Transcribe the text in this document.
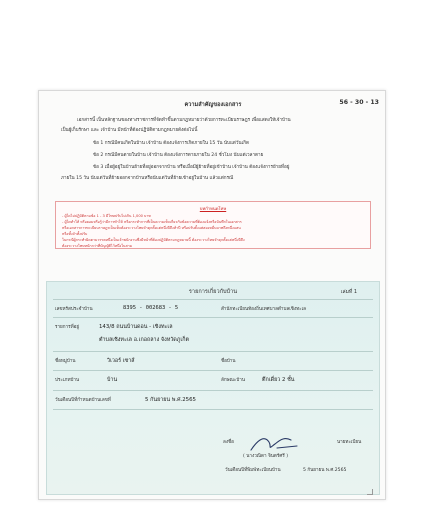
ความสำคัญของเอกสาร	56 - 30 - 13
เอกสารนี้ เป็นหลักฐานของทางราชการที่จัดทำขึ้นตามกฎหมายว่าด้วยการทะเบียนราษฎร เพื่อแสดงให้เจ้าบ้าน
เป็นผู้เก็บรักษา และ เจ้าบ้าน มีหน้าที่ต้องปฏิบัติตามกฎหมายดังต่อไปนี้
ข้อ 1 กรณีมีคนเกิดในบ้าน เจ้าบ้าน ต้องแจ้งการเกิดภายใน 15 วัน นับแต่วันเกิด
ข้อ 2 กรณีมีคนตายในบ้าน เจ้าบ้าน ต้องแจ้งการตายภายใน 24 ชั่วโมง นับแต่เวลาตาย
ข้อ 3 เมื่อผู้อยู่ในบ้านย้ายที่อยู่ออกจากบ้าน หรือเมื่อมีผู้ย้ายที่อยู่เข้าบ้าน เจ้าบ้าน ต้องแจ้งการย้ายที่อยู่
ภายใน 15 วัน นับแต่วันที่ย้ายออกจากบ้านหรือนับแต่วันที่ย้ายเข้าอยู่ในบ้าน แล้วแต่กรณี
บทกำหนดโทษ
- ผู้ใดไม่ปฏิบัติตามข้อ 1 - 3 มีโทษปรับไม่เกิน 1,000 บาท
- ผู้ใดทำให้ หรือยอมหรือรู้ว่ามีการทำให้ หรือกระทำการที่เป็นความเท็จเกี่ยวกับข้อความที่ต้องแจ้งหรือบันทึกในเอกสาร
หรือเอกสารการทะเบียนราษฎรเป็นเท็จต้องระวางโทษจำคุกตั้งแต่หนึ่งปีถึงห้าปี หรือปรับตั้งแต่สองหมื่นบาทถึงหนึ่งแสน
หรือทั้งจำทั้งปรับ
ในกรณีผู้กระทำผิดตามวรรคหนึ่งเป็นเจ้าพนักงานซึ่งมีหน้าที่ต้องปฏิบัติตามกฎหมายนี้ ต้องระวางโทษจำคุกตั้งแต่หนึ่งปีถึง
ต้องระวางโทษหนักกว่าที่บัญญัติไว้หนึ่งในสาม
รายการเกี่ยวกับบ้าน	เล่มที่ 1
เลขหรัสประจำบ้าน	8395 - 002683 - 5	สำนักทะเบียนท้องถิ่นเทศบาลตำบลเชิงทะเล
รายการที่อยู่	143/8 ถนนบ้านดอน - เชิงทะเล
ตำบลเชิงทะเล อ.เกอถลาง จังหวัดภูเก็ต
ชื่อหมู่บ้าน	วิเวอร์ เซาส์	ชื่อบ้าน
ประเภทบ้าน	บ้าน	ลักษณะบ้าน	ตึกเดี่ยว 2 ชั้น
วันเดือนปีที่กำหนดบ้านเลขที่	5 กันยายน พ.ศ.2565
ลงชื่อ	นายทะเบียน
( นางวณิดา จินตร์ศรี )
วันเดือนปีที่พิมพ์ทะเบียนบ้าน	5 กันยายน พ.ศ.2565
